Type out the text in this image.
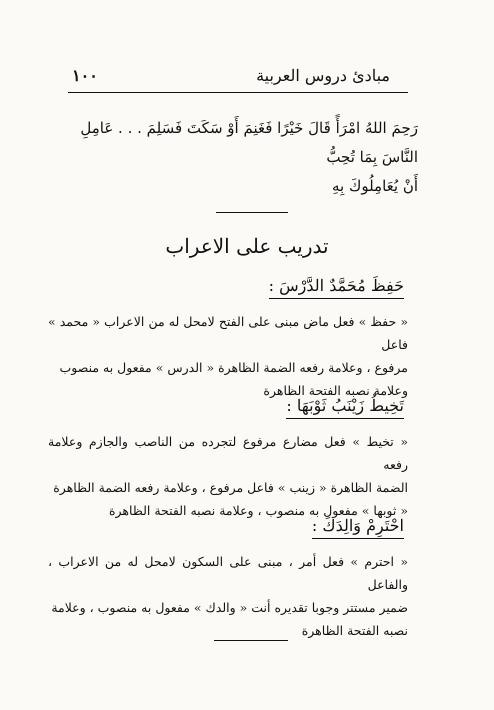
١٠٠	مبادئ دروس العربية
رَحِمَ اللهُ امْرَأً قَالَ خَيْرًا فَغَنِمَ أَوْ سَكَتَ فَسَلِمَ . . . عَامِلِ النَّاسَ بِمَا تُحِبُّ
أَنْ يُعَامِلُوكَ بِهِ
تدريب على الاعراب
حَفِظَ مُحَمَّدٌ الدَّرْسَ :
« حفظ » فعل ماض مبنى على الفتح لامحل له من الاعراب « محمد » فاعل
مرفوع ، وعلامة رفعه الضمة الظاهرة « الدرس » مفعول به منصوب
وعلامة نصبه الفتحة الظاهرة
تَخِيطُ زَيْنَبُ ثَوْبَهَا :
« تخيط » فعل مضارع مرفوع لتجرده من الناصب والجازم وعلامة رفعه
الضمة الظاهرة « زينب » فاعل مرفوع ، وعلامة رفعه الضمة الظاهرة
« ثوبها » مفعول به منصوب ، وعلامة نصبه الفتحة الظاهرة
احْتَرِمْ وَالِدَكَ :
« احترم » فعل أمر ، مبنى على السكون لامحل له من الاعراب ، والفاعل
ضمير مستتر وجوبا تقديره أنت « والدك » مفعول به منصوب ، وعلامة
نصبه الفتحة الظاهرة
